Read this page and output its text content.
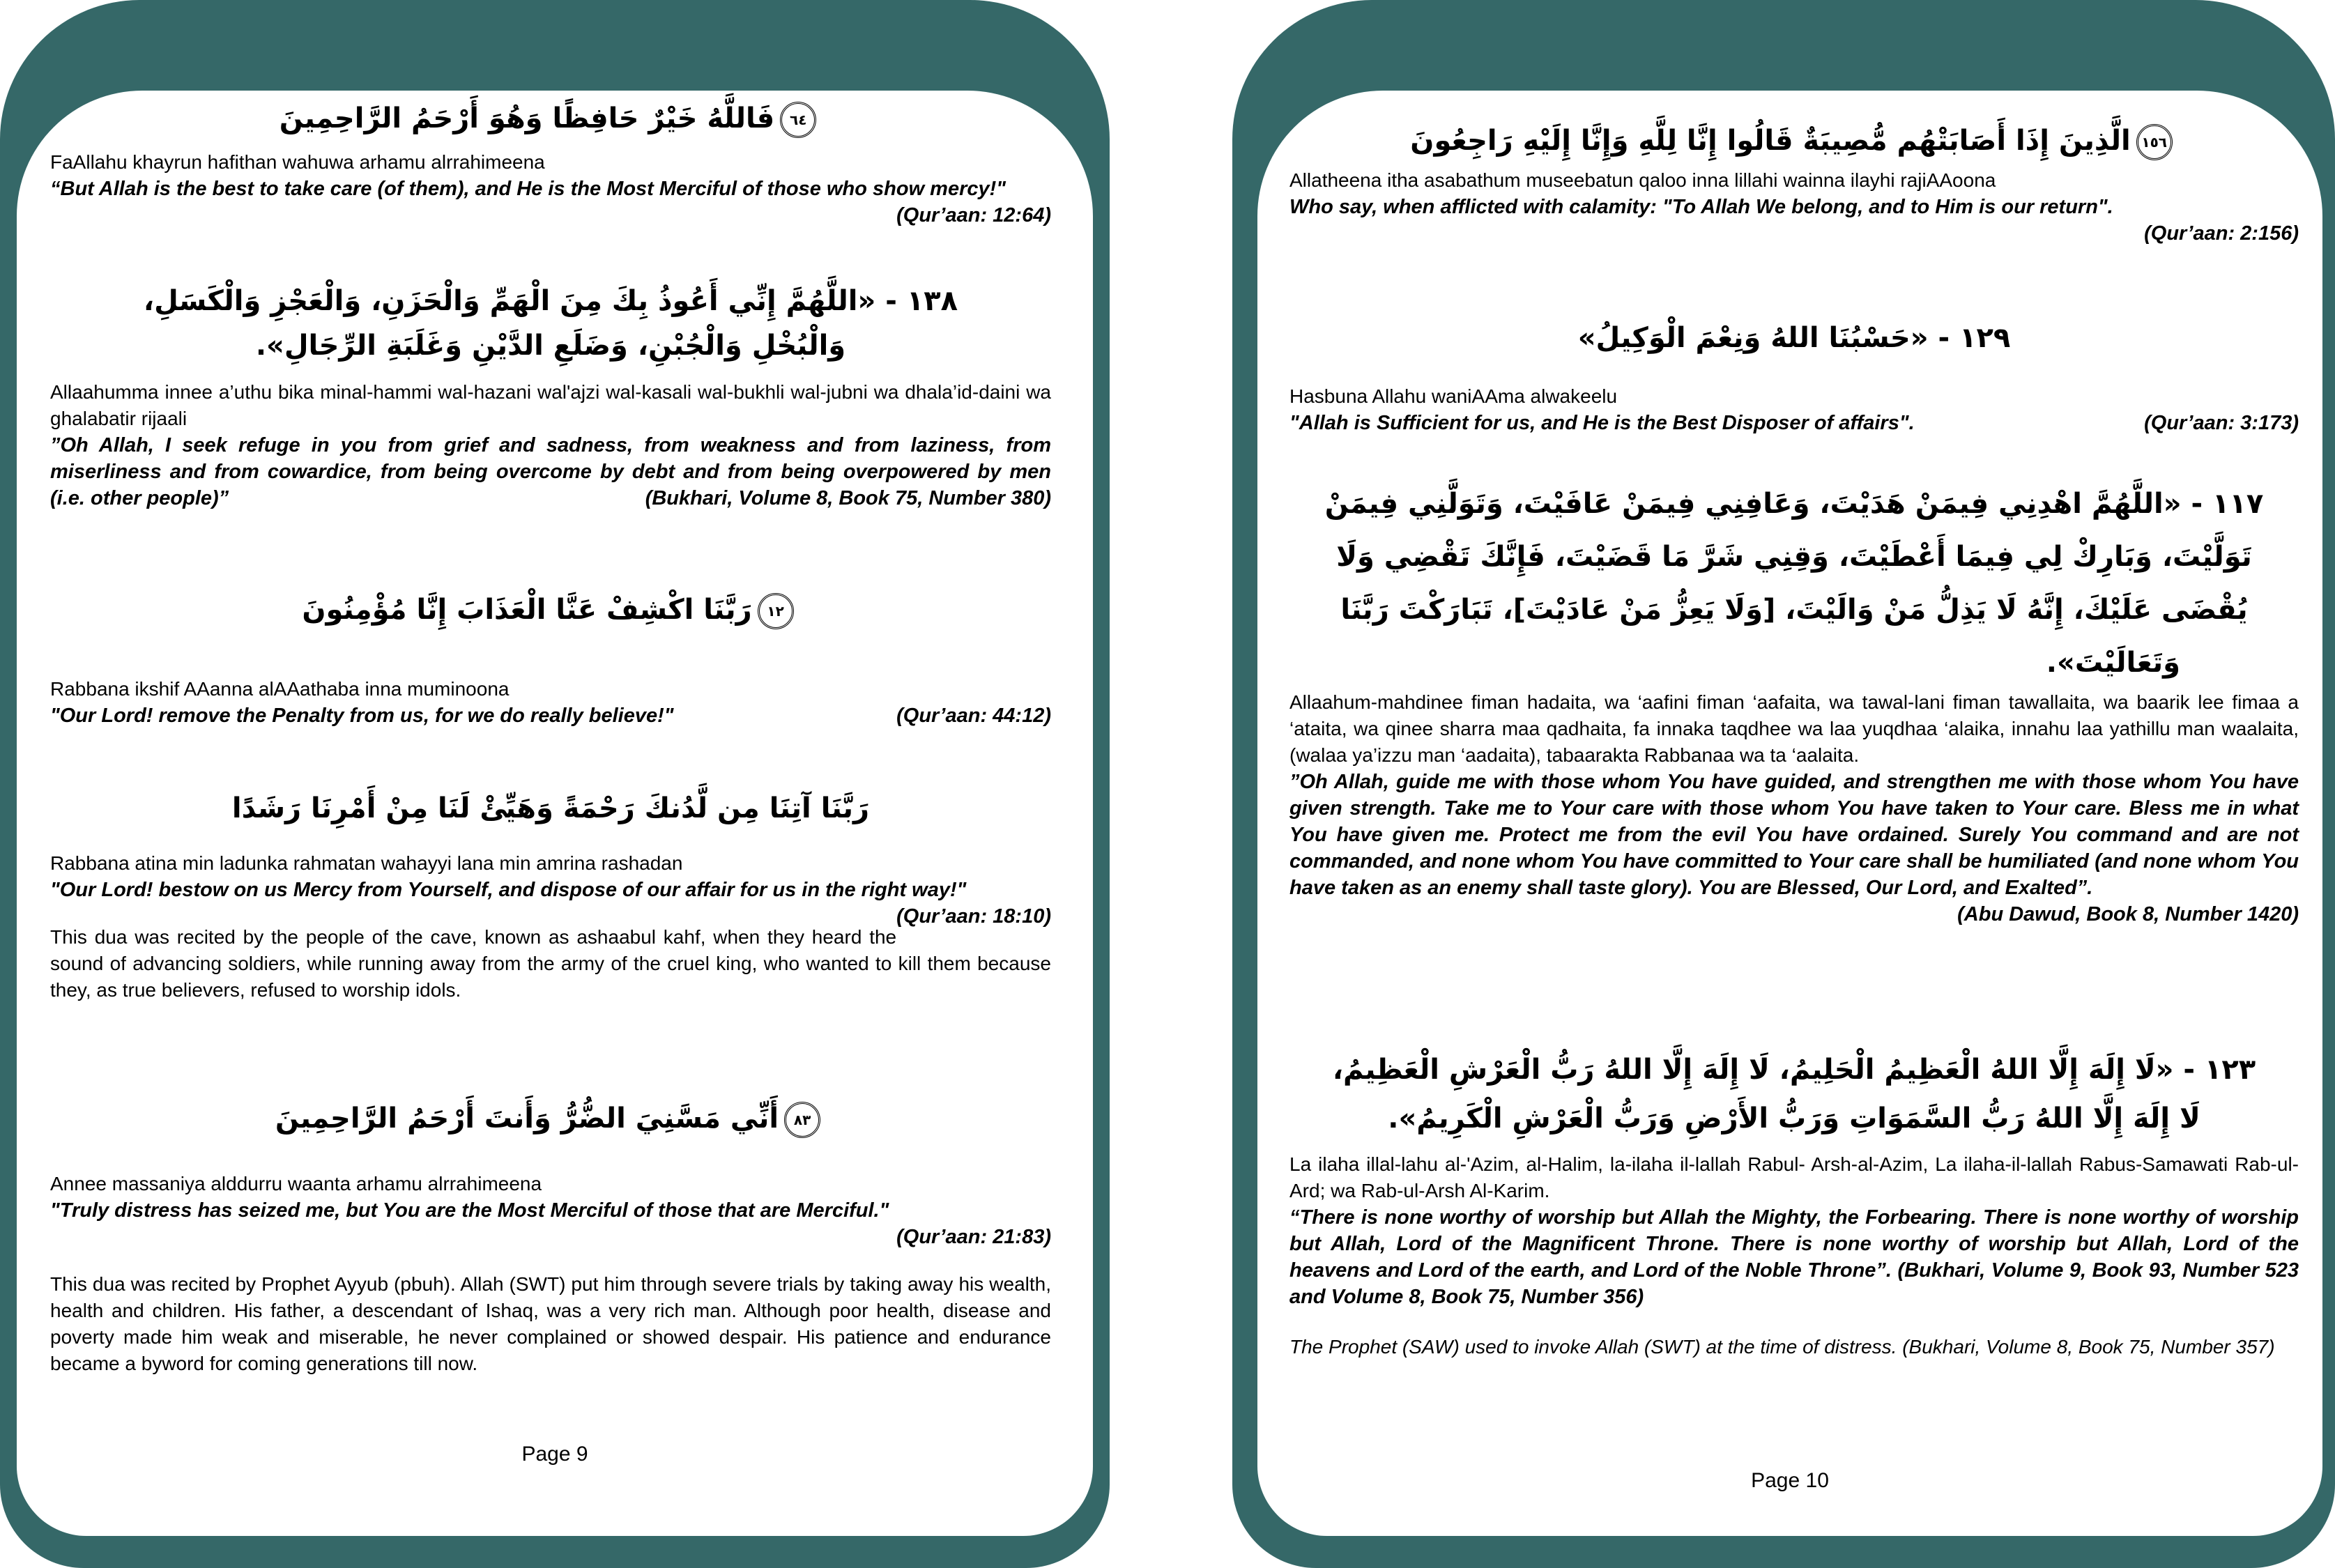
٦٤فَاللَّهُ خَيْرٌ حَافِظًا وَهُوَ أَرْحَمُ الرَّاحِمِينَ
FaAllahu khayrun hafithan wahuwa arhamu alrrahimeena
“But Allah is the best to take care (of them), and He is the Most Merciful of those who show mercy!"
(Qur’aan: 12:64)
١٣٨ - «اللَّهُمَّ إِنِّي أَعُوذُ بِكَ مِنَ الْهَمِّ وَالْحَزَنِ، وَالْعَجْزِ وَالْكَسَلِ،
وَالْبُخْلِ وَالْجُبْنِ، وَضَلَعِ الدَّيْنِ وَغَلَبَةِ الرِّجَالِ».
Allaahumma innee a’uthu bika minal-hammi wal-hazani wal'ajzi wal-kasali wal-bukhli wal-jubni wa dhala’id-daini wa ghalabatir rijaali
”Oh Allah, I seek refuge in you from grief and sadness, from weakness and from laziness, from miserliness and from cowardice, from being overcome by debt and from being overpowered by men (i.e. other people)”	(Bukhari, Volume 8, Book 75, Number 380)
١٢رَبَّنَا اكْشِفْ عَنَّا الْعَذَابَ إِنَّا مُؤْمِنُونَ
Rabbana ikshif AAanna alAAathaba inna muminoona
"Our Lord! remove the Penalty from us, for we do really believe!"	(Qur’aan: 44:12)
رَبَّنَا آتِنَا مِن لَّدُنكَ رَحْمَةً وَهَيِّئْ لَنَا مِنْ أَمْرِنَا رَشَدًا
Rabbana atina min ladunka rahmatan wahayyi lana min amrina rashadan
"Our Lord! bestow on us Mercy from Yourself, and dispose of our affair for us in the right way!"
(Qur’aan: 18:10)
This dua was recited by the people of the cave, known as ashaabul kahf, when they heard the sound of advancing soldiers, while running away from the army of the cruel king, who wanted to kill them because they, as true believers, refused to worship idols.
٨٣أَنِّي مَسَّنِيَ الضُّرُّ وَأَنتَ أَرْحَمُ الرَّاحِمِينَ
Annee massaniya alddurru waanta arhamu alrrahimeena
"Truly distress has seized me, but You are the Most Merciful of those that are Merciful."
(Qur’aan: 21:83)
This dua was recited by Prophet Ayyub (pbuh). Allah (SWT) put him through severe trials by taking away his wealth, health and children. His father, a descendant of Ishaq, was a very rich man. Although poor health, disease and poverty made him weak and miserable, he never complained or showed despair. His patience and endurance became a byword for coming generations till now.
Page 9
١٥٦الَّذِينَ إِذَا أَصَابَتْهُم مُّصِيبَةٌ قَالُوا إِنَّا لِلَّهِ وَإِنَّا إِلَيْهِ رَاجِعُونَ
Allatheena itha asabathum museebatun qaloo inna lillahi wainna ilayhi rajiAAoona
Who say, when afflicted with calamity: "To Allah We belong, and to Him is our return".
(Qur’aan: 2:156)
١٢٩ - «حَسْبُنَا اللهُ وَنِعْمَ الْوَكِيلُ»
Hasbuna Allahu waniAAma alwakeelu
"Allah is Sufficient for us, and He is the Best Disposer of affairs".	(Qur’aan: 3:173)
١١٧ - «اللَّهُمَّ اهْدِنِي فِيمَنْ هَدَيْتَ، وَعَافِنِي فِيمَنْ عَافَيْتَ، وَتَوَلَّنِي فِيمَنْ
تَوَلَّيْتَ، وَبَارِكْ لِي فِيمَا أَعْطَيْتَ، وَقِنِي شَرَّ مَا قَضَيْتَ، فَإِنَّكَ تَقْضِي وَلَا
يُقْضَى عَلَيْكَ، إِنَّهُ لَا يَذِلُّ مَنْ وَالَيْتَ، [وَلَا يَعِزُّ مَنْ عَادَيْتَ]، تَبَارَكْتَ رَبَّنَا
وَتَعَالَيْتَ».
Allaahum-mahdinee fiman hadaita, wa ‘aafini fiman ‘aafaita, wa tawal-lani fiman tawallaita, wa baarik lee fimaa a ‘ataita, wa qinee sharra maa qadhaita, fa innaka taqdhee wa laa yuqdhaa ‘alaika, innahu laa yathillu man waalaita, (walaa ya’izzu man ‘aadaita), tabaarakta Rabbanaa wa ta ‘aalaita.
”Oh Allah, guide me with those whom You have guided, and strengthen me with those whom You have given strength. Take me to Your care with those whom You have taken to Your care. Bless me in what You have given me. Protect me from the evil You have ordained. Surely You command and are not commanded, and none whom You have committed to Your care shall be humiliated (and none whom You have taken as an enemy shall taste glory). You are Blessed, Our Lord, and Exalted”.
(Abu Dawud, Book 8, Number 1420)
١٢٣ - «لَا إِلَهَ إِلَّا اللهُ الْعَظِيمُ الْحَلِيمُ، لَا إِلَهَ إِلَّا اللهُ رَبُّ الْعَرْشِ الْعَظِيمُ،
لَا إِلَهَ إِلَّا اللهُ رَبُّ السَّمَوَاتِ وَرَبُّ الأَرْضِ وَرَبُّ الْعَرْشِ الْكَرِيمُ».
La ilaha illal-lahu al-'Azim, al-Halim, la-ilaha il-lallah Rabul- Arsh-al-Azim, La ilaha-il-lallah Rabus-Samawati Rab-ul-Ard; wa Rab-ul-Arsh Al-Karim.
“There is none worthy of worship but Allah the Mighty, the Forbearing. There is none worthy of worship but Allah, Lord of the Magnificent Throne. There is none worthy of worship but Allah, Lord of the heavens and Lord of the earth, and Lord of the Noble Throne”. (Bukhari, Volume 9, Book 93, Number 523 and Volume 8, Book 75, Number 356)
The Prophet (SAW) used to invoke Allah (SWT) at the time of distress. (Bukhari, Volume 8, Book 75, Number 357)
Page 10
